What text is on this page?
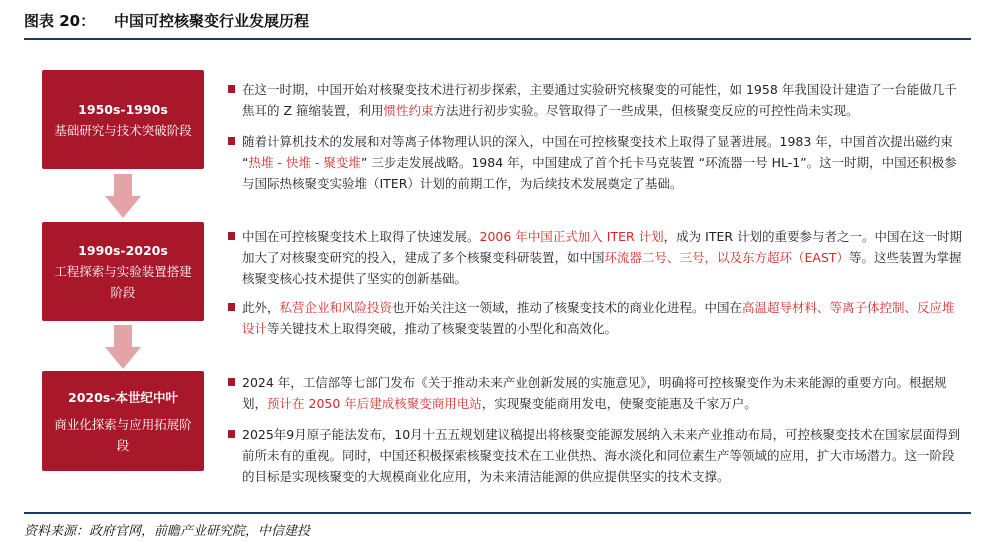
图表 20： 中国可控核聚变行业发展历程
1950s-1990s
基础研究与技术突破阶段
1990s-2020s
工程探索与实验装置搭建阶段
2020s-本世纪中叶
商业化探索与应用拓展阶段
在这一时期，中国开始对核聚变技术进行初步探索，主要通过实验研究核聚变的可能性，如 1958 年我国设计建造了一台能做几千焦耳的 Z 箍缩装置，利用惯性约束方法进行初步实验。尽管取得了一些成果，但核聚变反应的可控性尚未实现。
随着计算机技术的发展和对等离子体物理认识的深入，中国在可控核聚变技术上取得了显著进展。1983 年，中国首次提出磁约束 “热堆 - 快堆 - 聚变堆” 三步走发展战略。1984 年，中国建成了首个托卡马克装置 “环流器一号 HL-1”。这一时期，中国还积极参与国际热核聚变实验堆（ITER）计划的前期工作，为后续技术发展奠定了基础。
中国在可控核聚变技术上取得了快速发展。2006 年中国正式加入 ITER 计划，成为 ITER 计划的重要参与者之一。中国在这一时期加大了对核聚变研究的投入，建成了多个核聚变科研装置，如中国环流器二号、三号，以及东方超环（EAST）等。这些装置为掌握核聚变核心技术提供了坚实的创新基础。
此外，私营企业和风险投资也开始关注这一领域，推动了核聚变技术的商业化进程。中国在高温超导材料、等离子体控制、反应堆设计等关键技术上取得突破，推动了核聚变装置的小型化和高效化。
2024 年，工信部等七部门发布《关于推动未来产业创新发展的实施意见》，明确将可控核聚变作为未来能源的重要方向。根据规划，预计在 2050 年后建成核聚变商用电站，实现聚变能商用发电，使聚变能惠及千家万户。
2025年9月原子能法发布，10月十五五规划建议稿提出将核聚变能源发展纳入未来产业推动布局，可控核聚变技术在国家层面得到前所未有的重视。同时，中国还积极探索核聚变技术在工业供热、海水淡化和同位素生产等领域的应用，扩大市场潜力。这一阶段的目标是实现核聚变的大规模商业化应用，为未来清洁能源的供应提供坚实的技术支撑。
资料来源：政府官网，前瞻产业研究院，中信建投
